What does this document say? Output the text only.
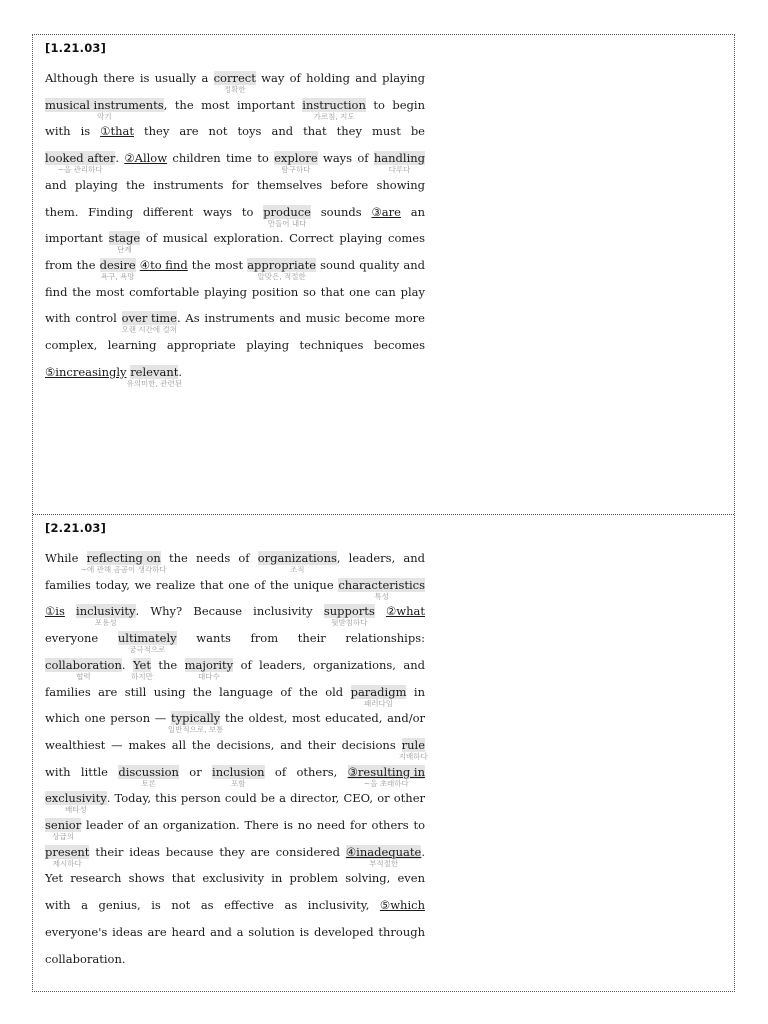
[1.21.03]

Although there is usually a correct
정확한
way of holding and playing musical instruments
악기
, the most important instruction
가르침, 지도
to begin with is ①that they are not toys and that they must be looked after
~을 관리하다
. ②Allow children time to explore
탐구하다
ways of handling
다루다
and playing the instruments for themselves before showing them. Finding different ways to produce
만들어 내다
sounds ③are an important stage
단계
of musical exploration. Correct playing comes from the desire
욕구, 욕망
④to find the most appropriate
알맞은, 적절한
sound quality and find the most comfortable playing position so that one can play with control over time
오랜 시간에 걸쳐
. As instruments and music become more complex, learning appropriate playing techniques becomes ⑤increasingly relevant
유의미한, 관련된
.

[2.21.03]

While reflecting on
~에 관해 곰곰이 생각하다
the needs of organizations
조직
, leaders, and families today, we realize that one of the unique characteristics
특성
①is inclusivity
포용성
. Why? Because inclusivity supports
뒷받침하다
②what everyone ultimately
궁극적으로
wants from their relationships: collaboration
협력
. Yet
하지만
the majority
대다수
of leaders, organizations, and families are still using the language of the old paradigm
패러다임
in which one person — typically
일반적으로, 보통
the oldest, most educated, and/or wealthiest — makes all the decisions, and their decisions rule
지배하다
with little discussion
토론
or inclusion
포함
of others, ③resulting in
~을 초래하다
exclusivity
배타성
. Today, this person could be a director, CEO, or other senior
상급의
leader of an organization. There is no need for others to present
제시하다
their ideas because they are considered ④inadequate
부적절한
. Yet research shows that exclusivity in problem solving, even with a genius, is not as effective as inclusivity, ⑤which everyone's ideas are heard and a solution is developed through collaboration.
